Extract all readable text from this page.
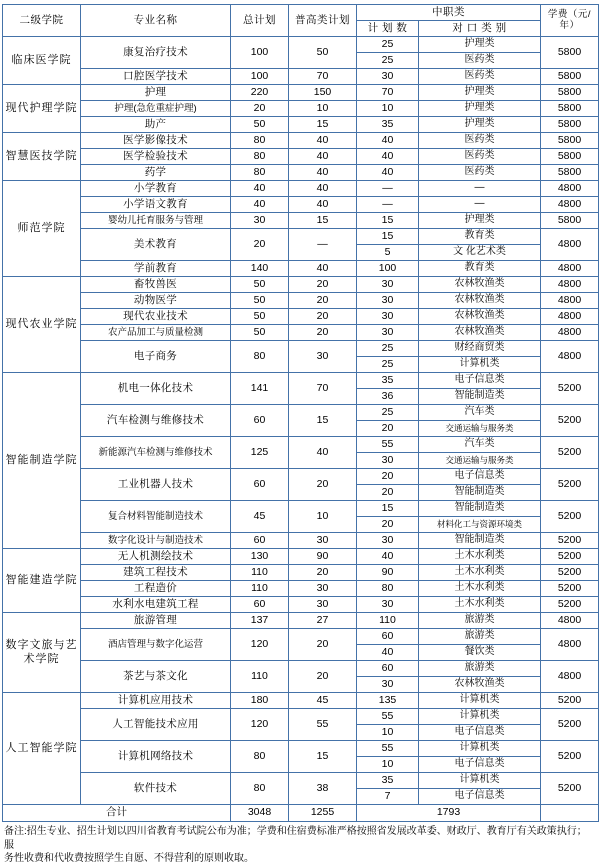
二级学院	专业名称	总计划	普高类计划	中职类		学费（元/年）
				计 划 数	对 口 类 别	
临床医学院	康复治疗技术	100	50	25	护理类	5800
				25	医药类	
	口腔医学技术	100	70	30	医药类	5800
现代护理学院	护理	220	150	70	护理类	5800
	护理(急危重症护理)	20	10	10	护理类	5800
	助产	50	15	35	护理类	5800
智慧医技学院	医学影像技术	80	40	40	医药类	5800
	医学检验技术	80	40	40	医药类	5800
	药学	80	40	40	医药类	5800
师范学院	小学教育	40	40	—	—	4800
	小学语文教育	40	40	—	—	4800
	婴幼儿托育服务与管理	30	15	15	护理类	5800
	美术教育	20	—	15	教育类	4800
				5	文 化艺术类	
	学前教育	140	40	100	教育类	4800
现代农业学院	畜牧兽医	50	20	30	农林牧渔类	4800
	动物医学	50	20	30	农林牧渔类	4800
	现代农业技术	50	20	30	农林牧渔类	4800
	农产品加工与质量检测	50	20	30	农林牧渔类	4800
	电子商务	80	30	25	财经商贸类	4800
				25	计算机类	
智能制造学院	机电一体化技术	141	70	35	电子信息类	5200
				36	智能制造类	
	汽车检测与维修技术	60	15	25	汽车类	5200
				20	交通运输与服务类	
	新能源汽车检测与维修技术	125	40	55	汽车类	5200
				30	交通运输与服务类	
	工业机器人技术	60	20	20	电子信息类	5200
				20	智能制造类	
	复合材料智能制造技术	45	10	15	智能制造类	5200
				20	材料化工与资源环境类	
	数字化设计与制造技术	60	30	30	智能制造类	5200
智能建造学院	无人机测绘技术	130	90	40	土木水利类	5200
	建筑工程技术	110	20	90	土木水利类	5200
	工程造价	110	30	80	土木水利类	5200
	水利水电建筑工程	60	30	30	土木水利类	5200
数字文旅与艺术学院	旅游管理	137	27	110	旅游类	4800
	酒店管理与数字化运营	120	20	60	旅游类	4800
				40	餐饮类	
	茶艺与茶文化	110	20	60	旅游类	4800
				30	农林牧渔类	
人工智能学院	计算机应用技术	180	45	135	计算机类	5200
	人工智能技术应用	120	55	55	计算机类	5200
				10	电子信息类	
	计算机网络技术	80	15	55	计算机类	5200
				10	电子信息类	
	软件技术	80	38	35	计算机类	5200
				7	电子信息类	
合计		3048	1255	1793		
备注:招生专业、招生计划以四川省教育考试院公布为准；学费和住宿费标准严格按照省发展改革委、财政厅、教育厅有关政策执行；服
务性收费和代收费按照学生自愿、不得营利的原则收取。
